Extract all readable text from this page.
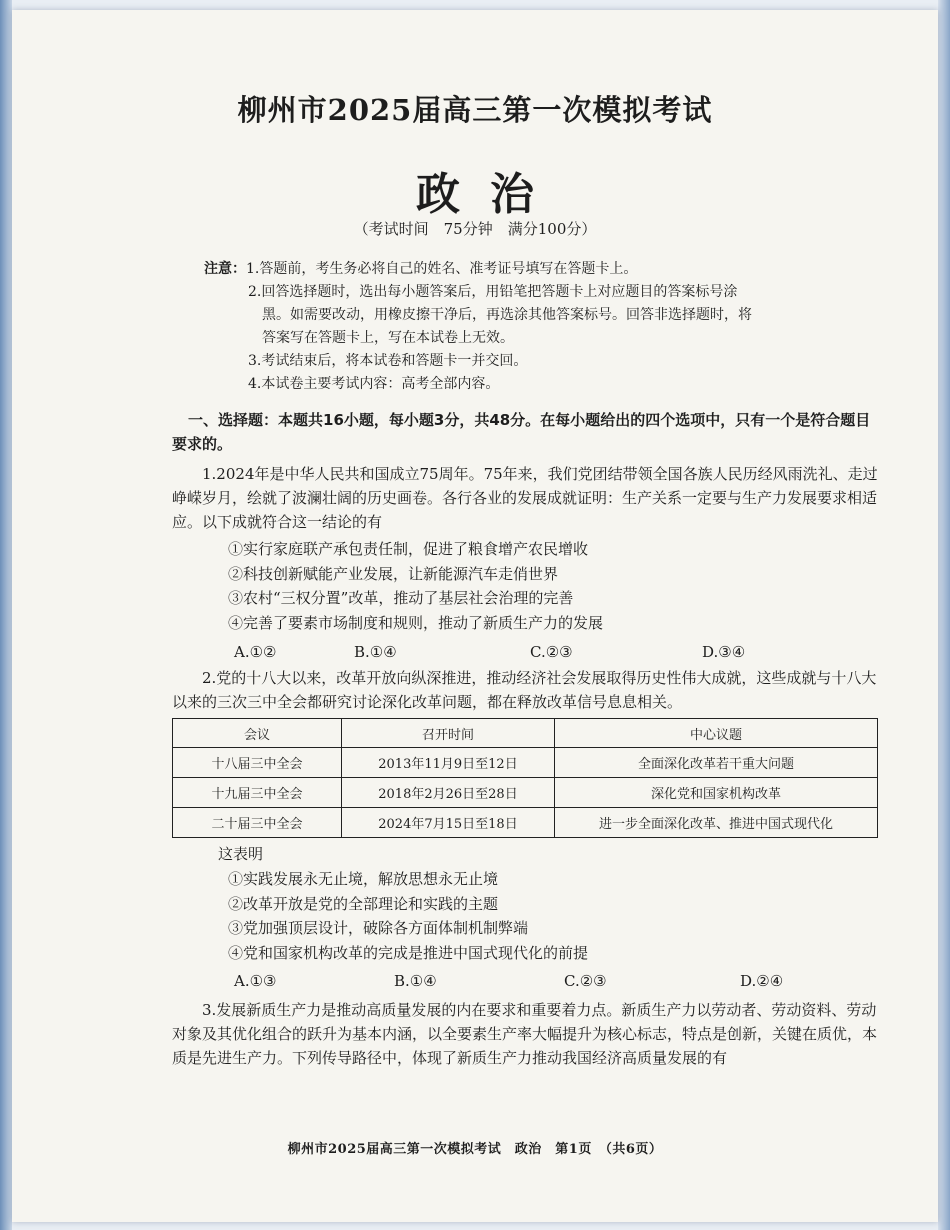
柳州市2025届高三第一次模拟考试
政治
（考试时间　75分钟　满分100分）
注意：1.答题前，考生务必将自己的姓名、准考证号填写在答题卡上。
2.回答选择题时，选出每小题答案后，用铅笔把答题卡上对应题目的答案标号涂
黑。如需要改动，用橡皮擦干净后，再选涂其他答案标号。回答非选择题时，将
答案写在答题卡上，写在本试卷上无效。
3.考试结束后，将本试卷和答题卡一并交回。
4.本试卷主要考试内容：高考全部内容。
一、选择题：本题共16小题，每小题3分，共48分。在每小题给出的四个选项中，只有一个是符合题目要求的。
1.2024年是中华人民共和国成立75周年。75年来，我们党团结带领全国各族人民历经风雨洗礼、走过峥嵘岁月，绘就了波澜壮阔的历史画卷。各行各业的发展成就证明：生产关系一定要与生产力发展要求相适应。以下成就符合这一结论的有
①实行家庭联产承包责任制，促进了粮食增产农民增收
②科技创新赋能产业发展，让新能源汽车走俏世界
③农村“三权分置”改革，推动了基层社会治理的完善
④完善了要素市场制度和规则，推动了新质生产力的发展
A.①②	B.①④	C.②③	D.③④
2.党的十八大以来，改革开放向纵深推进，推动经济社会发展取得历史性伟大成就，这些成就与十八大以来的三次三中全会都研究讨论深化改革问题，都在释放改革信号息息相关。
会议	召开时间	中心议题
十八届三中全会	2013年11月9日至12日	全面深化改革若干重大问题
十九届三中全会	2018年2月26日至28日	深化党和国家机构改革
二十届三中全会	2024年7月15日至18日	进一步全面深化改革、推进中国式现代化
这表明
①实践发展永无止境，解放思想永无止境
②改革开放是党的全部理论和实践的主题
③党加强顶层设计，破除各方面体制机制弊端
④党和国家机构改革的完成是推进中国式现代化的前提
A.①③	B.①④	C.②③	D.②④
3.发展新质生产力是推动高质量发展的内在要求和重要着力点。新质生产力以劳动者、劳动资料、劳动对象及其优化组合的跃升为基本内涵，以全要素生产率大幅提升为核心标志，特点是创新，关键在质优，本质是先进生产力。下列传导路径中，体现了新质生产力推动我国经济高质量发展的有
柳州市2025届高三第一次模拟考试　政治　第1页　（共6页）
